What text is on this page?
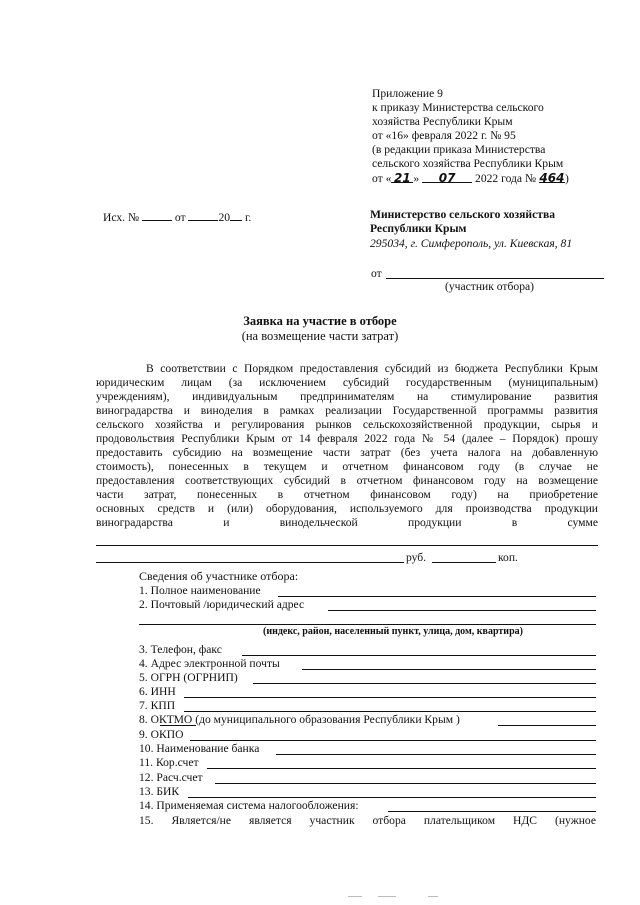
Приложение 9
к приказу Министерства сельского
хозяйства Республики Крым
от «16» февраля 2022 г. № 95
(в редакции приказа Министерства
сельского хозяйства Республики Крым
от « 21 » 07 2022 года № 464)
Исх. №	от	20 г.	Министерство сельского хозяйства
Республики Крым
295034, г. Симферополь, ул. Киевская, 81
от
(участник отбора)
Заявка на участие в отборе
(на возмещение части затрат)
В соответствии с Порядком предоставления субсидий из бюджета Республики Крым
юридическим лицам (за исключением субсидий государственным (муниципальным)
учреждениям), индивидуальным предпринимателям на стимулирование развития
виноградарства и виноделия в рамках реализации Государственной программы развития
сельского хозяйства и регулирования рынков сельскохозяйственной продукции, сырья и
продовольствия Республики Крым от 14 февраля 2022 года № 54 (далее – Порядок) прошу
предоставить субсидию на возмещение части затрат (без учета налога на добавленную
стоимость), понесенных в текущем и отчетном финансовом году (в случае не
предоставления соответствующих субсидий в отчетном финансовом году на возмещение
части затрат, понесенных в отчетном финансовом году) на приобретение
основных средств и (или) оборудования, используемого для производства продукции
виноградарства и винодельческой продукции в сумме
руб.	коп.
Сведения об участнике отбора:
1. Полное наименование
2. Почтовый /юридический адрес
(индекс, район, населенный пункт, улица, дом, квартира)
3. Телефон, факс
4. Адрес электронной почты
5. ОГРН (ОГРНИП)
6. ИНН
7. КПП
8. ОКТМО (до муниципального образования Республики Крым )
9. ОКПО
10. Наименование банка
11. Кор.счет
12. Расч.счет
13. БИК
14. Применяемая система налогообложения:
15. Является/не является участник отбора плательщиком НДС (нужное
